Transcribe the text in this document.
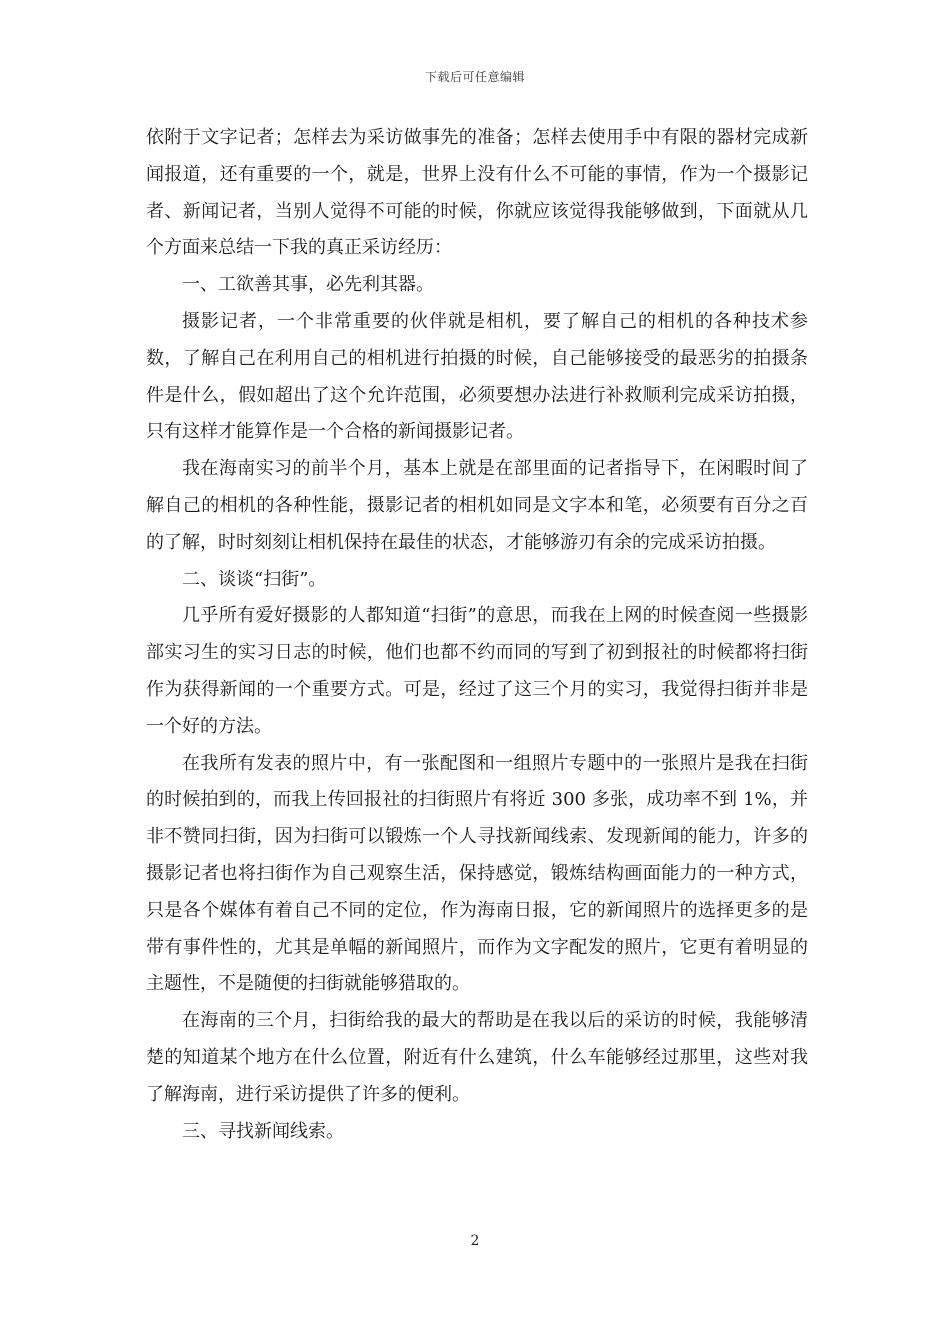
下载后可任意编辑

依附于文字记者；怎样去为采访做事先的准备；怎样去使用手中有限的器材完成新闻报道，还有重要的一个，就是，世界上没有什么不可能的事情，作为一个摄影记者、新闻记者，当别人觉得不可能的时候，你就应该觉得我能够做到，下面就从几个方面来总结一下我的真正采访经历：

一、工欲善其事，必先利其器。

摄影记者，一个非常重要的伙伴就是相机，要了解自己的相机的各种技术参数，了解自己在利用自己的相机进行拍摄的时候，自己能够接受的最恶劣的拍摄条件是什么，假如超出了这个允许范围，必须要想办法进行补救顺利完成采访拍摄，只有这样才能算作是一个合格的新闻摄影记者。

我在海南实习的前半个月，基本上就是在部里面的记者指导下，在闲暇时间了解自己的相机的各种性能，摄影记者的相机如同是文字本和笔，必须要有百分之百的了解，时时刻刻让相机保持在最佳的状态，才能够游刃有余的完成采访拍摄。

二、谈谈“扫街”。

几乎所有爱好摄影的人都知道“扫街”的意思，而我在上网的时候查阅一些摄影部实习生的实习日志的时候，他们也都不约而同的写到了初到报社的时候都将扫街作为获得新闻的一个重要方式。可是，经过了这三个月的实习，我觉得扫街并非是一个好的方法。

在我所有发表的照片中，有一张配图和一组照片专题中的一张照片是我在扫街的时候拍到的，而我上传回报社的扫街照片有将近 300 多张，成功率不到 1%，并非不赞同扫街，因为扫街可以锻炼一个人寻找新闻线索、发现新闻的能力，许多的摄影记者也将扫街作为自己观察生活，保持感觉，锻炼结构画面能力的一种方式，只是各个媒体有着自己不同的定位，作为海南日报，它的新闻照片的选择更多的是带有事件性的，尤其是单幅的新闻照片，而作为文字配发的照片，它更有着明显的主题性，不是随便的扫街就能够猎取的。

在海南的三个月，扫街给我的最大的帮助是在我以后的采访的时候，我能够清楚的知道某个地方在什么位置，附近有什么建筑，什么车能够经过那里，这些对我了解海南，进行采访提供了许多的便利。

三、寻找新闻线索。

2
